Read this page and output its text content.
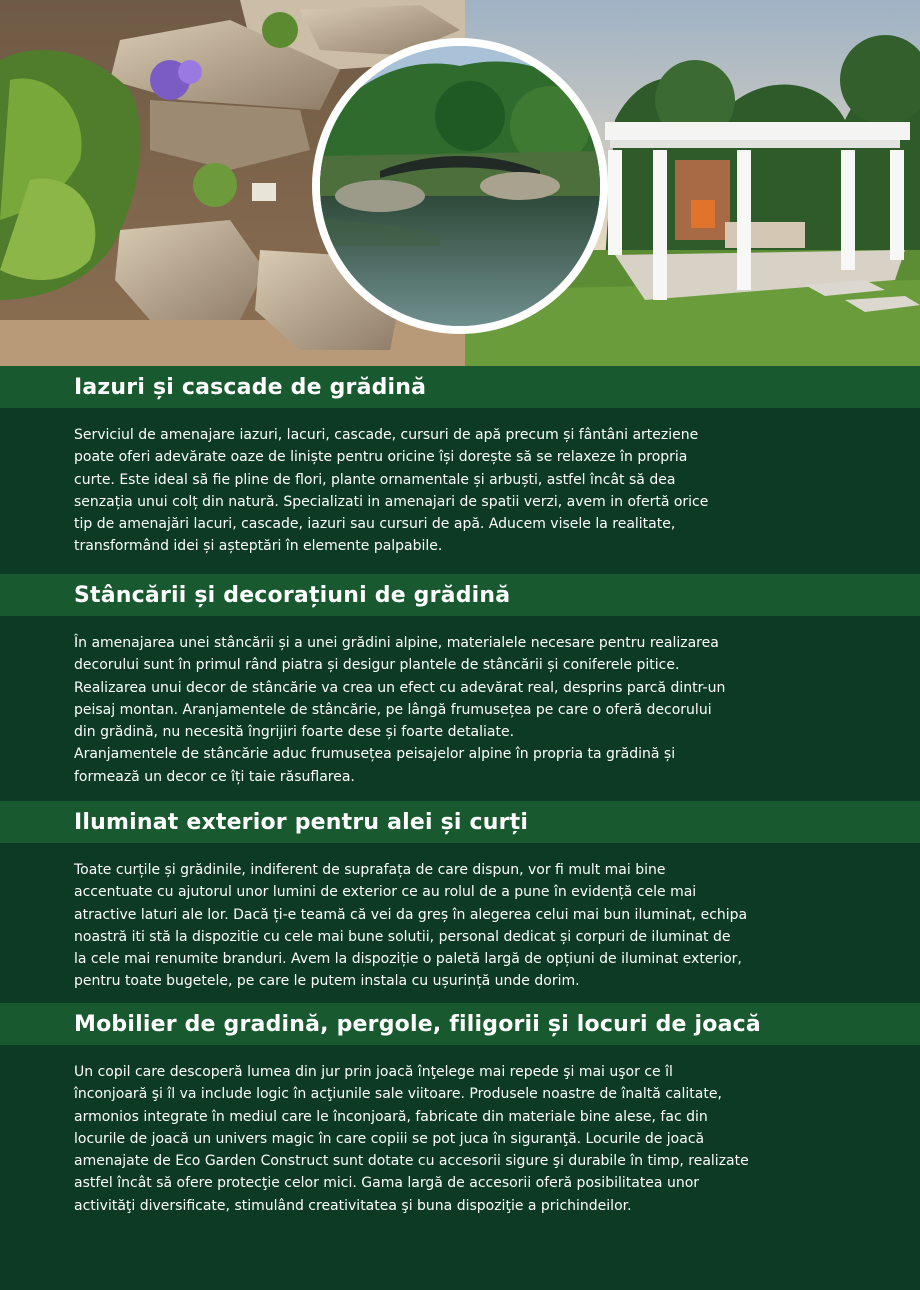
Iazuri și cascade de grădină

Serviciul de amenajare iazuri, lacuri, cascade, cursuri de apă precum și fântâni arteziene
poate oferi adevărate oaze de liniște pentru oricine își dorește să se relaxeze în propria
curte. Este ideal să fie pline de flori, plante ornamentale și arbuști, astfel încât să dea
senzația unui colț din natură. Specializati in amenajari de spatii verzi, avem in ofertă orice
tip de amenajări lacuri, cascade, iazuri sau cursuri de apă. Aducem visele la realitate,
transformând idei și așteptări în elemente palpabile.

Stâncării și decorațiuni de grădină

În amenajarea unei stâncării și a unei grădini alpine, materialele necesare pentru realizarea
decorului sunt în primul rând piatra și desigur plantele de stâncării și coniferele pitice.
Realizarea unui decor de stâncărie va crea un efect cu adevărat real, desprins parcă dintr-un
peisaj montan. Aranjamentele de stâncărie, pe lângă frumusețea pe care o oferă decorului
din grădină, nu necesită îngrijiri foarte dese și foarte detaliate.
Aranjamentele de stâncărie aduc frumusețea peisajelor alpine în propria ta grădină și
formează un decor ce îți taie răsuflarea.

Iluminat exterior pentru alei și curți

Toate curțile și grădinile, indiferent de suprafața de care dispun, vor fi mult mai bine
accentuate cu ajutorul unor lumini de exterior ce au rolul de a pune în evidență cele mai
atractive laturi ale lor. Dacă ți-e teamă că vei da greș în alegerea celui mai bun iluminat, echipa
noastră iti stă la dispozitie cu cele mai bune solutii, personal dedicat și corpuri de iluminat de
la cele mai renumite branduri. Avem la dispoziție o paletă largă de opțiuni de iluminat exterior,
pentru toate bugetele, pe care le putem instala cu ușurință unde dorim.

Mobilier de gradină, pergole, filigorii și locuri de joacă

Un copil care descoperă lumea din jur prin joacă înţelege mai repede şi mai uşor ce îl
înconjoară şi îl va include logic în acţiunile sale viitoare. Produsele noastre de înaltă calitate,
armonios integrate în mediul care le înconjoară, fabricate din materiale bine alese, fac din
locurile de joacă un univers magic în care copiii se pot juca în siguranţă. Locurile de joacă
amenajate de Eco Garden Construct sunt dotate cu accesorii sigure şi durabile în timp, realizate
astfel încât să ofere protecţie celor mici. Gama largă de accesorii oferă posibilitatea unor
activităţi diversificate, stimulând creativitatea şi buna dispoziţie a prichindeilor.
